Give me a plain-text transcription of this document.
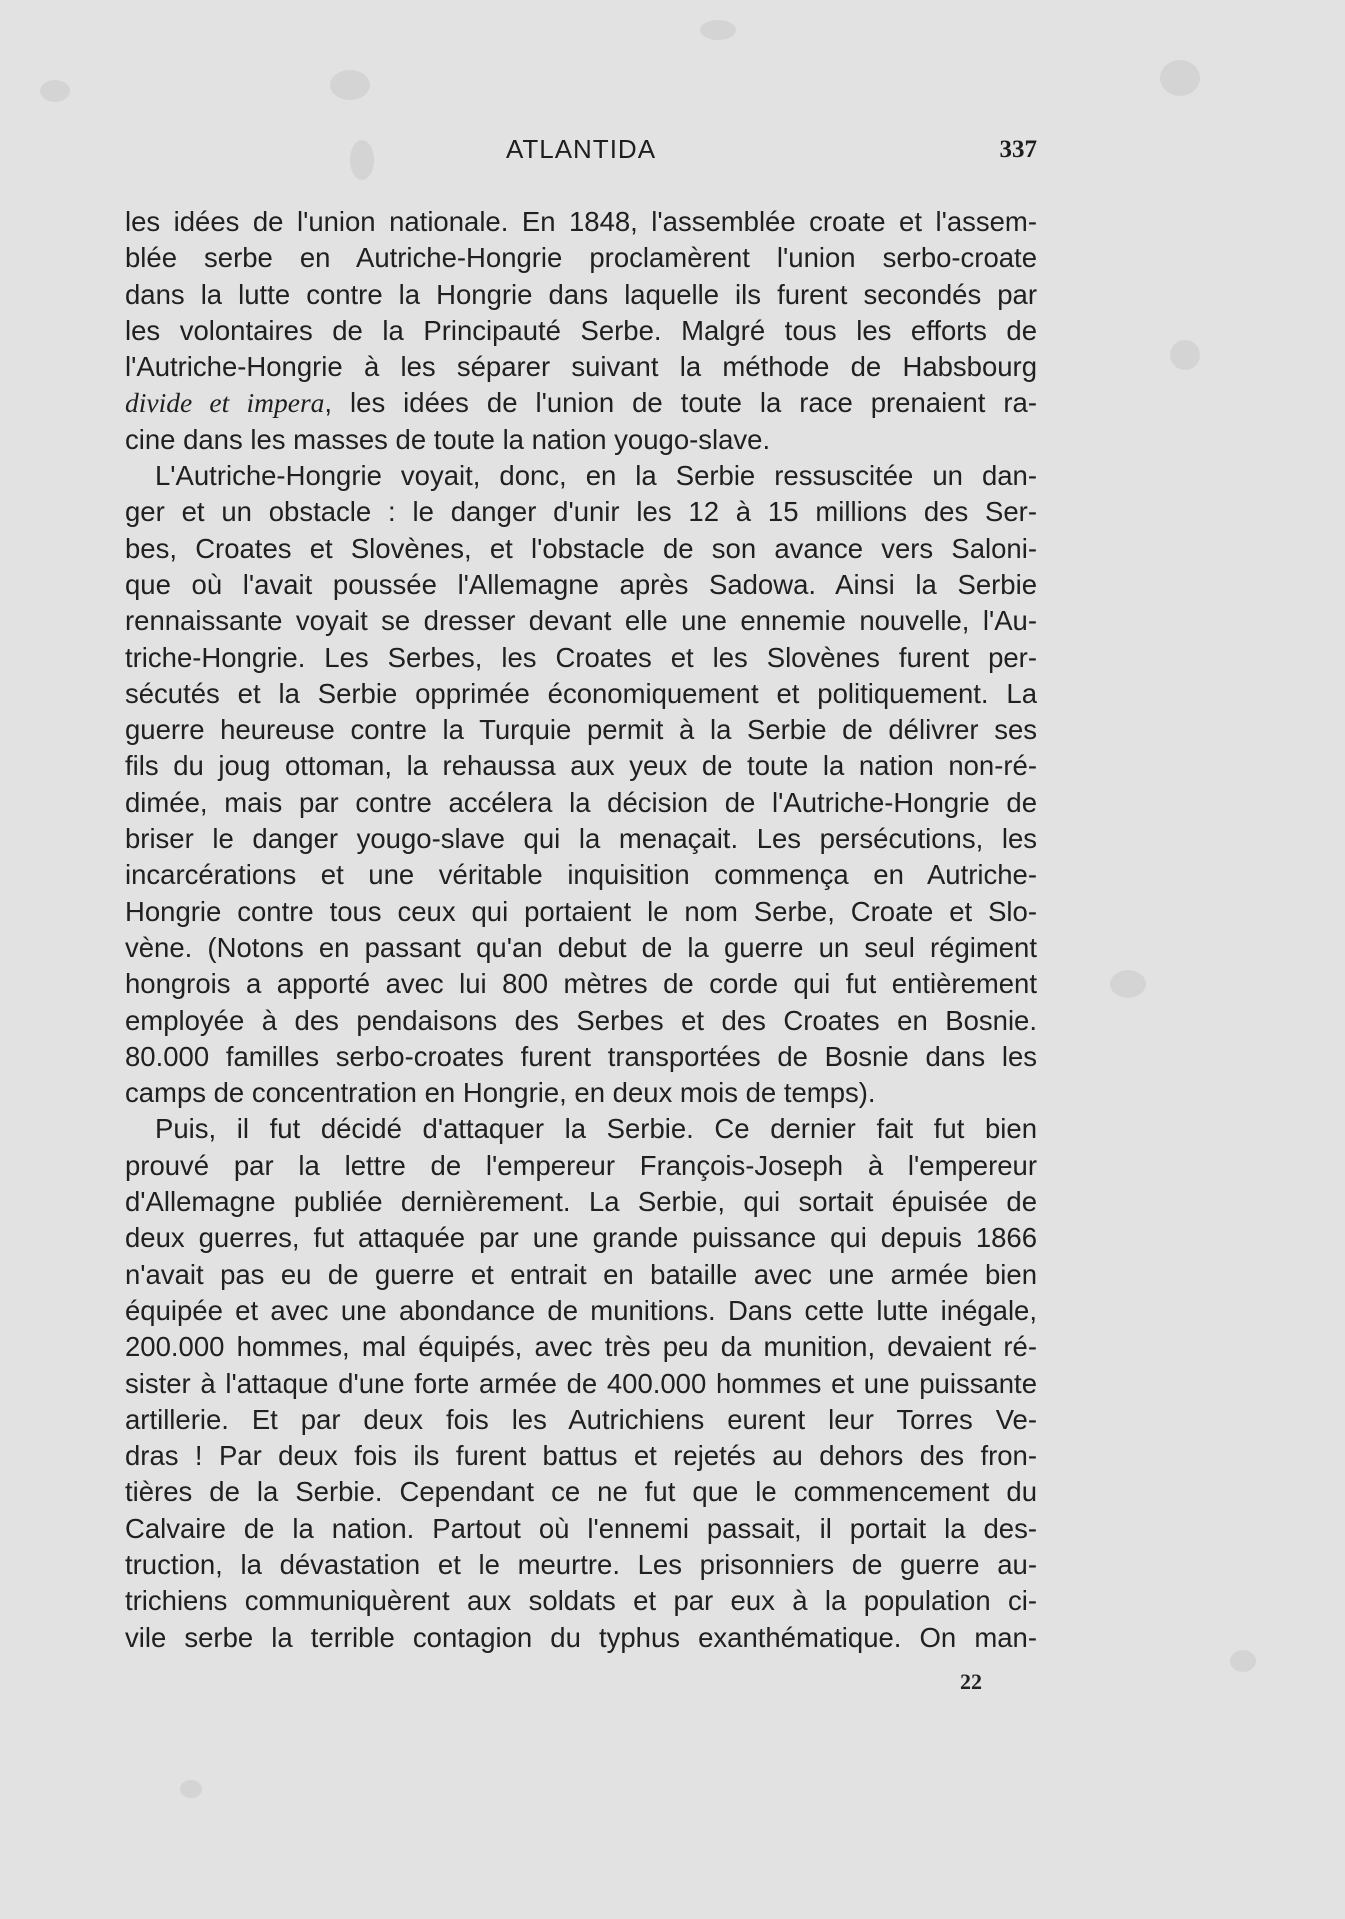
ATLANTIDA	337
les idées de l'union nationale. En 1848, l'assemblée croate et l'assem-
blée serbe en Autriche-Hongrie proclamèrent l'union serbo-croate
dans la lutte contre la Hongrie dans laquelle ils furent secondés par
les volontaires de la Principauté Serbe. Malgré tous les efforts de
l'Autriche-Hongrie à les séparer suivant la méthode de Habsbourg
divide et impera, les idées de l'union de toute la race prenaient ra-
cine dans les masses de toute la nation yougo-slave.
L'Autriche-Hongrie voyait, donc, en la Serbie ressuscitée un dan-
ger et un obstacle : le danger d'unir les 12 à 15 millions des Ser-
bes, Croates et Slovènes, et l'obstacle de son avance vers Saloni-
que où l'avait poussée l'Allemagne après Sadowa. Ainsi la Serbie
rennaissante voyait se dresser devant elle une ennemie nouvelle, l'Au-
triche-Hongrie. Les Serbes, les Croates et les Slovènes furent per-
sécutés et la Serbie opprimée économiquement et politiquement. La
guerre heureuse contre la Turquie permit à la Serbie de délivrer ses
fils du joug ottoman, la rehaussa aux yeux de toute la nation non-ré-
dimée, mais par contre accélera la décision de l'Autriche-Hongrie de
briser le danger yougo-slave qui la menaçait. Les persécutions, les
incarcérations et une véritable inquisition commença en Autriche-
Hongrie contre tous ceux qui portaient le nom Serbe, Croate et Slo-
vène. (Notons en passant qu'an debut de la guerre un seul régiment
hongrois a apporté avec lui 800 mètres de corde qui fut entièrement
employée à des pendaisons des Serbes et des Croates en Bosnie.
80.000 familles serbo-croates furent transportées de Bosnie dans les
camps de concentration en Hongrie, en deux mois de temps).
Puis, il fut décidé d'attaquer la Serbie. Ce dernier fait fut bien
prouvé par la lettre de l'empereur François-Joseph à l'empereur
d'Allemagne publiée dernièrement. La Serbie, qui sortait épuisée de
deux guerres, fut attaquée par une grande puissance qui depuis 1866
n'avait pas eu de guerre et entrait en bataille avec une armée bien
équipée et avec une abondance de munitions. Dans cette lutte inégale,
200.000 hommes, mal équipés, avec très peu da munition, devaient ré-
sister à l'attaque d'une forte armée de 400.000 hommes et une puissante
artillerie. Et par deux fois les Autrichiens eurent leur Torres Ve-
dras ! Par deux fois ils furent battus et rejetés au dehors des fron-
tières de la Serbie. Cependant ce ne fut que le commencement du
Calvaire de la nation. Partout où l'ennemi passait, il portait la des-
truction, la dévastation et le meurtre. Les prisonniers de guerre au-
trichiens communiquèrent aux soldats et par eux à la population ci-
vile serbe la terrible contagion du typhus exanthématique. On man-
22
